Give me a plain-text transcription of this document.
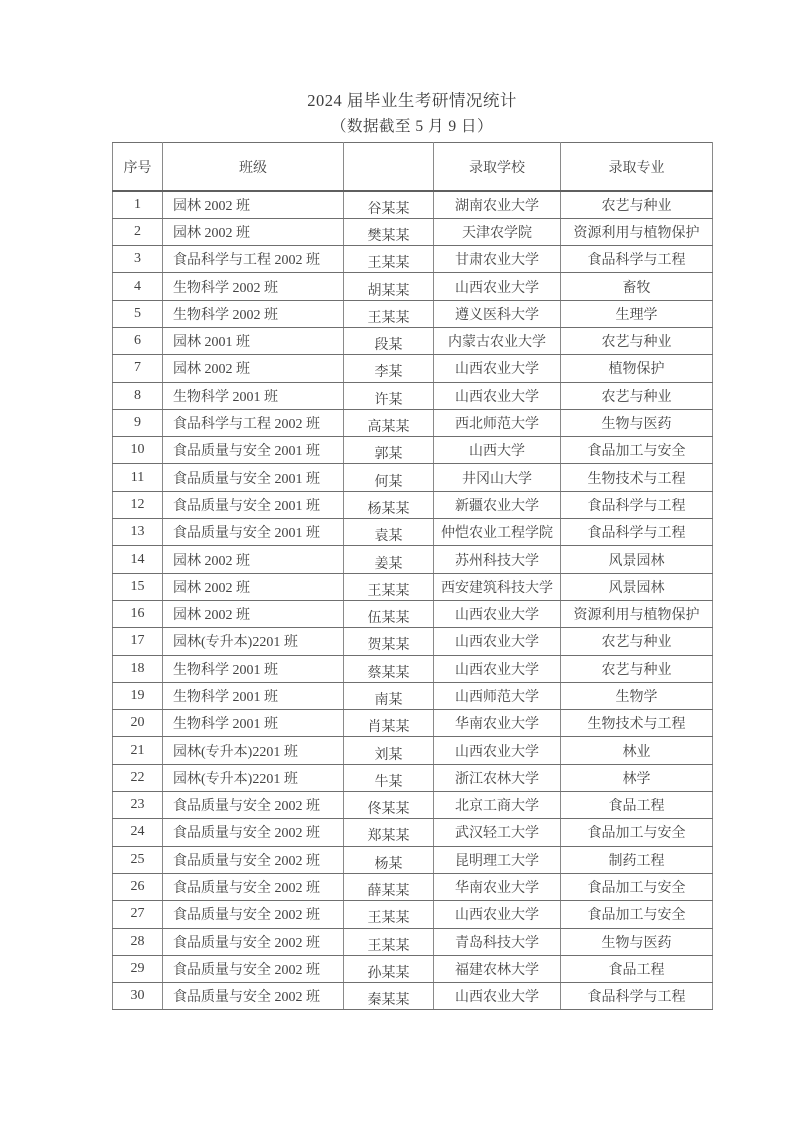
2024 届毕业生考研情况统计
（数据截至 5 月 9 日）
序号	班级		录取学校	录取专业
1	园林 2002 班	谷某某	湖南农业大学	农艺与种业
2	园林 2002 班	樊某某	天津农学院	资源利用与植物保护
3	食品科学与工程 2002 班	王某某	甘肃农业大学	食品科学与工程
4	生物科学 2002 班	胡某某	山西农业大学	畜牧
5	生物科学 2002 班	王某某	遵义医科大学	生理学
6	园林 2001 班	段某	内蒙古农业大学	农艺与种业
7	园林 2002 班	李某	山西农业大学	植物保护
8	生物科学 2001 班	许某	山西农业大学	农艺与种业
9	食品科学与工程 2002 班	高某某	西北师范大学	生物与医药
10	食品质量与安全 2001 班	郭某	山西大学	食品加工与安全
11	食品质量与安全 2001 班	何某	井冈山大学	生物技术与工程
12	食品质量与安全 2001 班	杨某某	新疆农业大学	食品科学与工程
13	食品质量与安全 2001 班	袁某	仲恺农业工程学院	食品科学与工程
14	园林 2002 班	姜某	苏州科技大学	风景园林
15	园林 2002 班	王某某	西安建筑科技大学	风景园林
16	园林 2002 班	伍某某	山西农业大学	资源利用与植物保护
17	园林(专升本)2201 班	贺某某	山西农业大学	农艺与种业
18	生物科学 2001 班	蔡某某	山西农业大学	农艺与种业
19	生物科学 2001 班	南某	山西师范大学	生物学
20	生物科学 2001 班	肖某某	华南农业大学	生物技术与工程
21	园林(专升本)2201 班	刘某	山西农业大学	林业
22	园林(专升本)2201 班	牛某	浙江农林大学	林学
23	食品质量与安全 2002 班	佟某某	北京工商大学	食品工程
24	食品质量与安全 2002 班	郑某某	武汉轻工大学	食品加工与安全
25	食品质量与安全 2002 班	杨某	昆明理工大学	制药工程
26	食品质量与安全 2002 班	薛某某	华南农业大学	食品加工与安全
27	食品质量与安全 2002 班	王某某	山西农业大学	食品加工与安全
28	食品质量与安全 2002 班	王某某	青岛科技大学	生物与医药
29	食品质量与安全 2002 班	孙某某	福建农林大学	食品工程
30	食品质量与安全 2002 班	秦某某	山西农业大学	食品科学与工程
